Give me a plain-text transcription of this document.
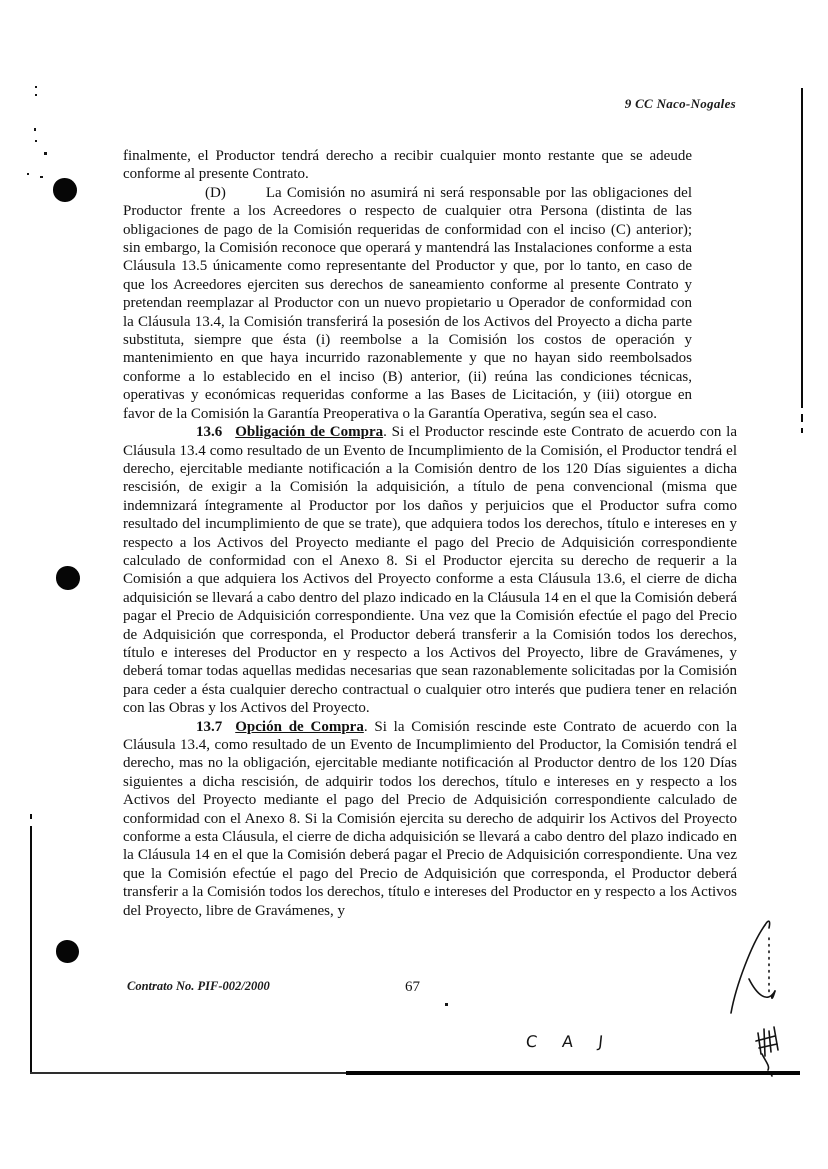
9 CC Naco-Nogales

finalmente, el Productor tendrá derecho a recibir cualquier monto restante que se adeude conforme al presente Contrato.

(D)	La Comisión no asumirá ni será responsable por las obligaciones del Productor frente a los Acreedores o respecto de cualquier otra Persona (distinta de las obligaciones de pago de la Comisión requeridas de conformidad con el inciso (C) anterior); sin embargo, la Comisión reconoce que operará y mantendrá las Instalaciones conforme a esta Cláusula 13.5 únicamente como representante del Productor y que, por lo tanto, en caso de que los Acreedores ejerciten sus derechos de saneamiento conforme al presente Contrato y pretendan reemplazar al Productor con un nuevo propietario u Operador de conformidad con la Cláusula 13.4, la Comisión transferirá la posesión de los Activos del Proyecto a dicha parte substituta, siempre que ésta (i) reembolse a la Comisión los costos de operación y mantenimiento en que haya incurrido razonablemente y que no hayan sido reembolsados conforme a lo establecido en el inciso (B) anterior, (ii) reúna las condiciones técnicas, operativas y económicas requeridas conforme a las Bases de Licitación, y (iii) otorgue en favor de la Comisión la Garantía Preoperativa o la Garantía Operativa, según sea el caso.

13.6 Obligación de Compra. Si el Productor rescinde este Contrato de acuerdo con la Cláusula 13.4 como resultado de un Evento de Incumplimiento de la Comisión, el Productor tendrá el derecho, ejercitable mediante notificación a la Comisión dentro de los 120 Días siguientes a dicha rescisión, de exigir a la Comisión la adquisición, a título de pena convencional (misma que indemnizará íntegramente al Productor por los daños y perjuicios que el Productor sufra como resultado del incumplimiento de que se trate), que adquiera todos los derechos, título e intereses en y respecto a los Activos del Proyecto mediante el pago del Precio de Adquisición correspondiente calculado de conformidad con el Anexo 8. Si el Productor ejercita su derecho de requerir a la Comisión a que adquiera los Activos del Proyecto conforme a esta Cláusula 13.6, el cierre de dicha adquisición se llevará a cabo dentro del plazo indicado en la Cláusula 14 en el que la Comisión deberá pagar el Precio de Adquisición correspondiente. Una vez que la Comisión efectúe el pago del Precio de Adquisición que corresponda, el Productor deberá transferir a la Comisión todos los derechos, título e intereses del Productor en y respecto a los Activos del Proyecto, libre de Gravámenes, y deberá tomar todas aquellas medidas necesarias que sean razonablemente solicitadas por la Comisión para ceder a ésta cualquier derecho contractual o cualquier otro interés que pudiera tener en relación con las Obras y los Activos del Proyecto.

13.7 Opción de Compra. Si la Comisión rescinde este Contrato de acuerdo con la Cláusula 13.4, como resultado de un Evento de Incumplimiento del Productor, la Comisión tendrá el derecho, mas no la obligación, ejercitable mediante notificación al Productor dentro de los 120 Días siguientes a dicha rescisión, de adquirir todos los derechos, título e intereses en y respecto a los Activos del Proyecto mediante el pago del Precio de Adquisición correspondiente calculado de conformidad con el Anexo 8. Si la Comisión ejercita su derecho de adquirir los Activos del Proyecto conforme a esta Cláusula, el cierre de dicha adquisición se llevará a cabo dentro del plazo indicado en la Cláusula 14 en el que la Comisión deberá pagar el Precio de Adquisición correspondiente. Una vez que la Comisión efectúe el pago del Precio de Adquisición que corresponda, el Productor deberá transferir a la Comisión todos los derechos, título e intereses del Productor en y respecto a los Activos del Proyecto, libre de Gravámenes, y

Contrato No. PIF-002/2000	67
C A J
